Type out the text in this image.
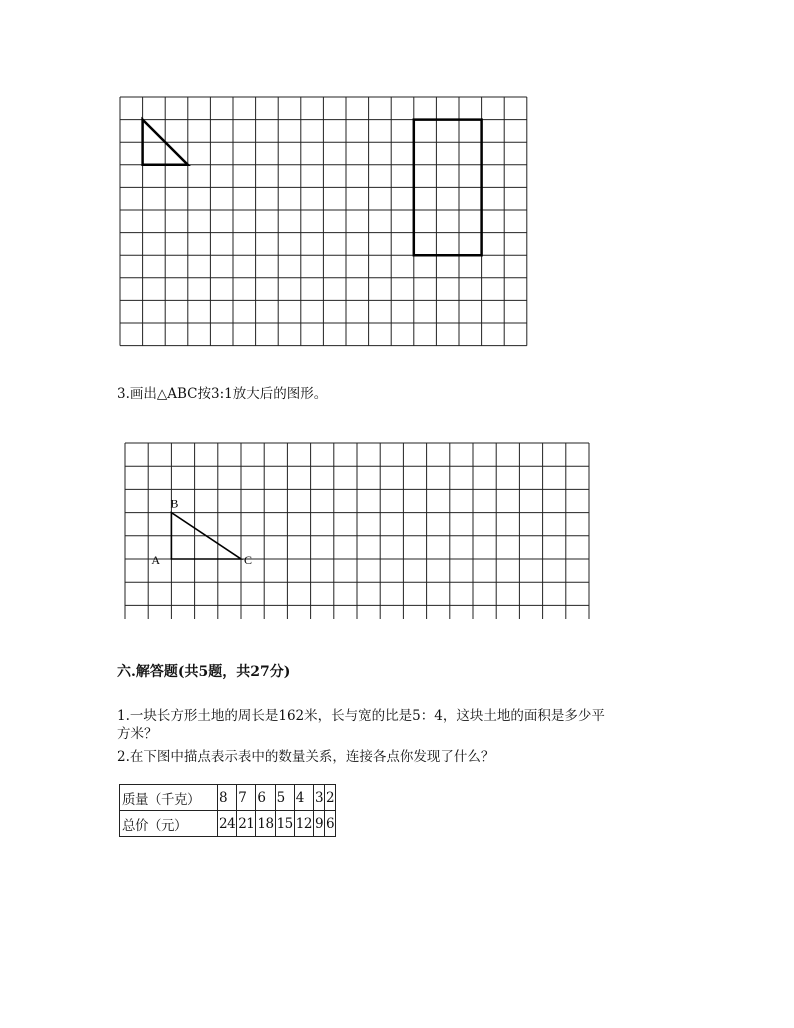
3.画出△ABC按3:1放大后的图形。
B
A	C
六.解答题(共5题，共27分)
1.一块长方形土地的周长是162米，长与宽的比是5：4，这块土地的面积是多少平
方米？
2.在下图中描点表示表中的数量关系，连接各点你发现了什么？
质量（千克）	8	7	6	5	4	3	2
总价（元）	24	21	18	15	12	9	6
